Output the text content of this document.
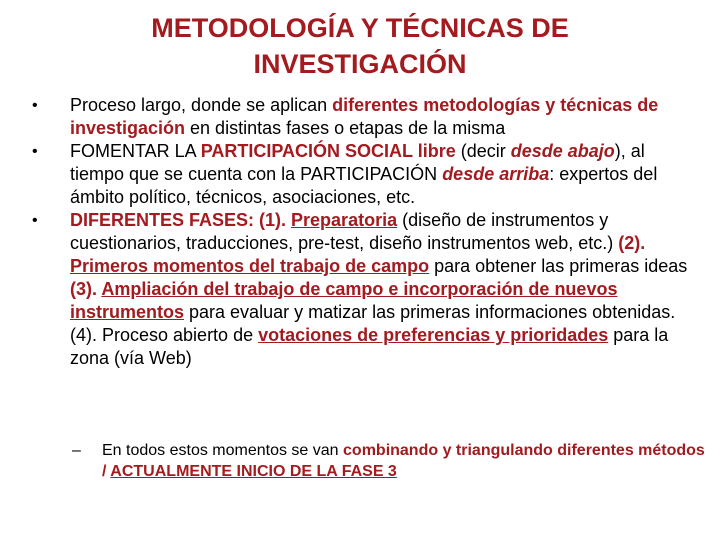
METODOLOGÍA Y TÉCNICAS DE
INVESTIGACIÓN
• Proceso largo, donde se aplican diferentes metodologías y técnicas de investigación en distintas fases o etapas de la misma
• FOMENTAR LA PARTICIPACIÓN SOCIAL libre (decir desde abajo), al tiempo que se cuenta con la PARTICIPACIÓN desde arriba: expertos del ámbito político, técnicos, asociaciones, etc.
• DIFERENTES FASES: (1). Preparatoria (diseño de instrumentos y cuestionarios, traducciones, pre-test, diseño instrumentos web, etc.) (2). Primeros momentos del trabajo de campo para obtener las primeras ideas (3). Ampliación del trabajo de campo e incorporación de nuevos instrumentos para evaluar y matizar las primeras informaciones obtenidas. (4). Proceso abierto de votaciones de preferencias y prioridades para la zona (vía Web)
– En todos estos momentos se van combinando y triangulando diferentes métodos / ACTUALMENTE INICIO DE LA FASE 3
